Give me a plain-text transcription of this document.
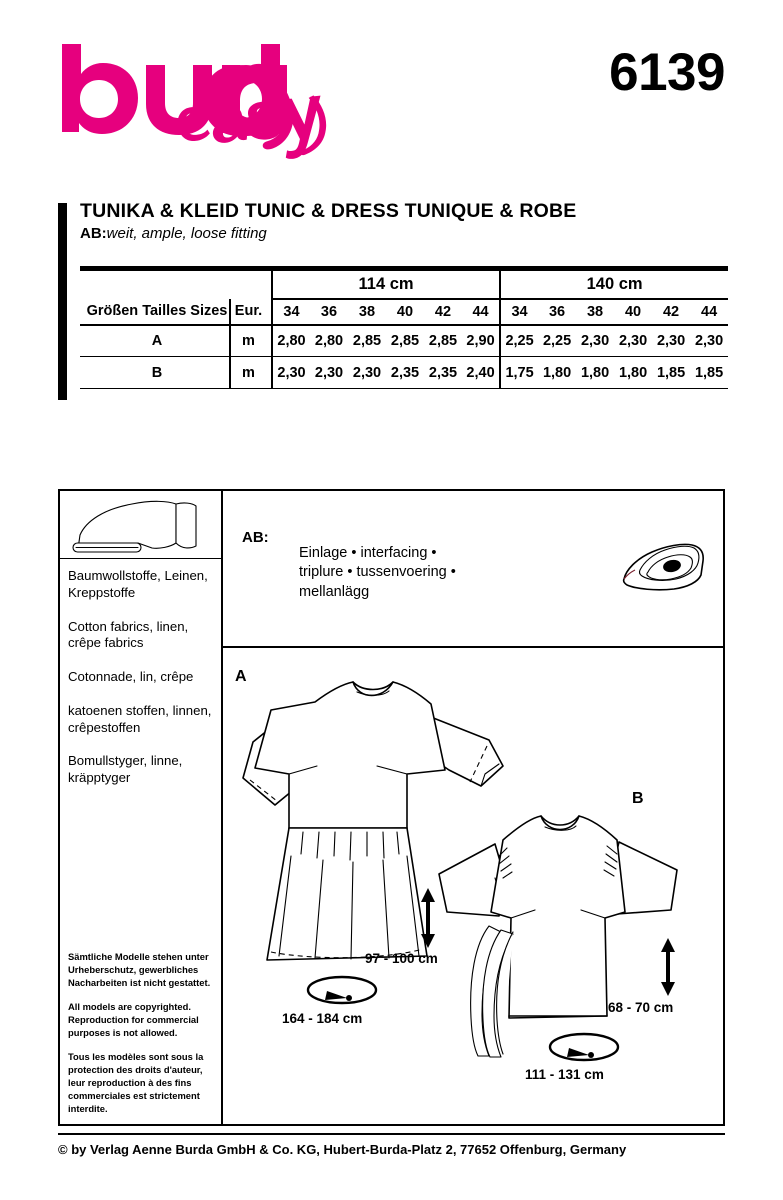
6139
TUNIKA & KLEID TUNIC & DRESS TUNIQUE & ROBE
AB:weit, ample, loose fitting
		114 cm						140 cm					
Größen Tailles Sizes	Eur.	34	36	38	40	42	44	34	36	38	40	42	44
A	m	2,80	2,80	2,85	2,85	2,85	2,90	2,25	2,25	2,30	2,30	2,30	2,30
B	m	2,30	2,30	2,30	2,35	2,35	2,40	1,75	1,80	1,80	1,80	1,85	1,85

Baumwollstoffe, Leinen, Kreppstoffe

Cotton fabrics, linen, crêpe fabrics

Cotonnade, lin, crêpe

katoenen stoffen, linnen, crêpestoffen

Bomullstyger, linne, kräpptyger

Sämtliche Modelle stehen unter Urheberschutz, gewerbliches Nacharbeiten ist nicht gestattet.

All models are copyrighted. Reproduction for commercial purposes is not allowed.

Tous les modèles sont sous la protection des droits d'auteur, leur reproduction à des fins commerciales est strictement interdite.

AB:
Einlage • interfacing •
triplure • tussenvoering •
mellanlägg
A
B
97 - 100 cm
164 - 184 cm
68 - 70 cm
111 - 131 cm
© by Verlag Aenne Burda GmbH & Co. KG, Hubert-Burda-Platz 2, 77652 Offenburg, Germany
